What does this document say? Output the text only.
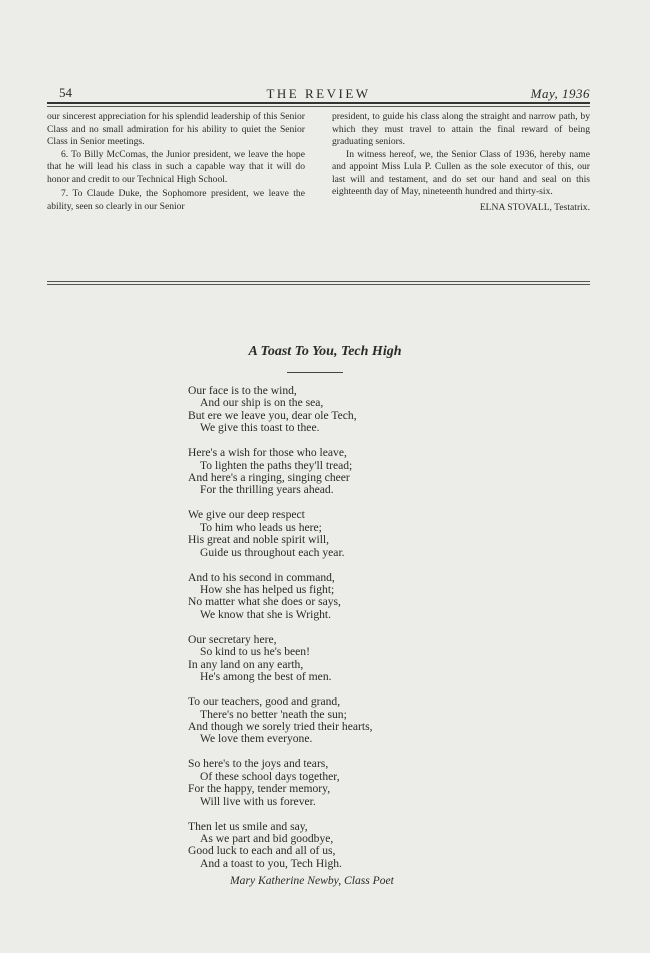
54	THE REVIEW	May, 1936

our sincerest appreciation for his splendid leadership of this Senior Class and no small admiration for his ability to quiet the Senior Class in Senior meetings.

6. To Billy McComas, the Junior president, we leave the hope that he will lead his class in such a capable way that it will do honor and credit to our Technical High School.

7. To Claude Duke, the Sophomore president, we leave the ability, seen so clearly in our Senior

president, to guide his class along the straight and narrow path, by which they must travel to attain the final reward of being graduating seniors.

In witness hereof, we, the Senior Class of 1936, hereby name and appoint Miss Lula P. Cullen as the sole executor of this, our last will and testament, and do set our hand and seal on this eighteenth day of May, nineteenth hundred and thirty-six.

ELNA STOVALL, Testatrix.
A Toast To You, Tech High
Our face is to the wind,
And our ship is on the sea,
But ere we leave you, dear ole Tech,
We give this toast to thee.
Here's a wish for those who leave,
To lighten the paths they'll tread;
And here's a ringing, singing cheer
For the thrilling years ahead.
We give our deep respect
To him who leads us here;
His great and noble spirit will,
Guide us throughout each year.
And to his second in command,
How she has helped us fight;
No matter what she does or says,
We know that she is Wright.
Our secretary here,
So kind to us he's been!
In any land on any earth,
He's among the best of men.
To our teachers, good and grand,
There's no better 'neath the sun;
And though we sorely tried their hearts,
We love them everyone.
So here's to the joys and tears,
Of these school days together,
For the happy, tender memory,
Will live with us forever.
Then let us smile and say,
As we part and bid goodbye,
Good luck to each and all of us,
And a toast to you, Tech High.
Mary Katherine Newby, Class Poet
